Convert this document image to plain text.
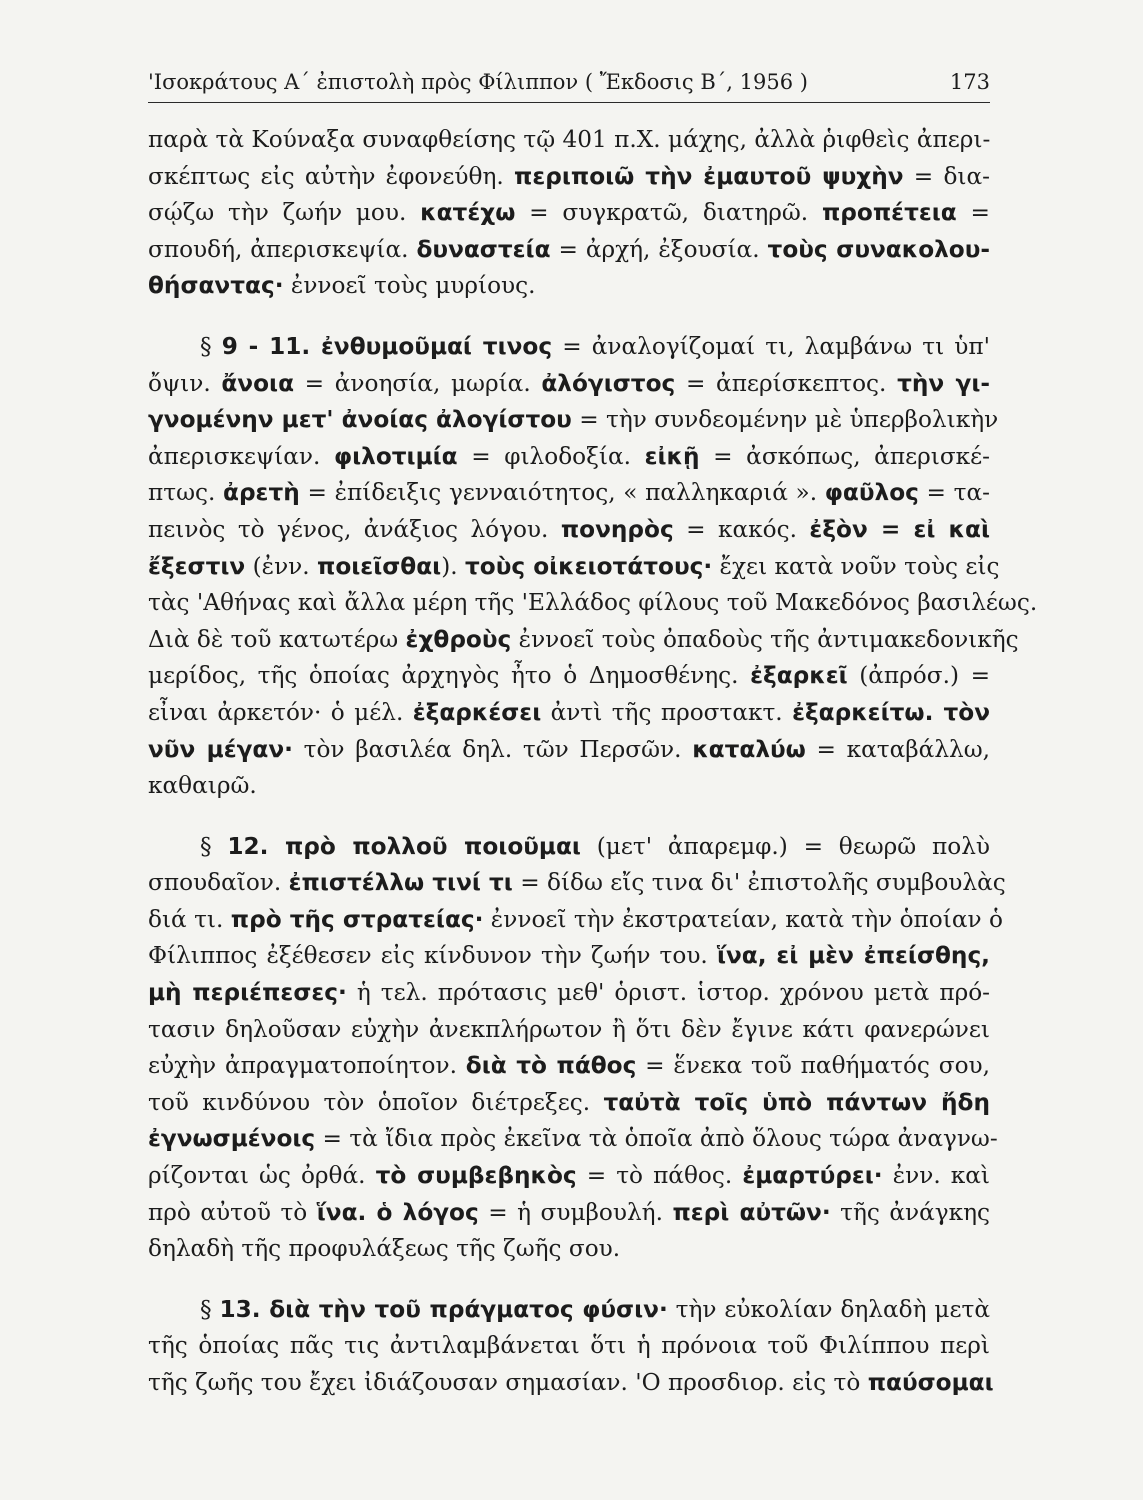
'Ισοκράτους Α΄ ἐπιστολὴ πρὸς Φίλιππον ( Ἔκδοσις Β΄, 1956 )	173
παρὰ τὰ Κούναξα συναφθείσης τῷ 401 π.Χ. μάχης, ἀλλὰ ῥιφθεὶς ἀπερι-
σκέπτως εἰς αὐτὴν ἐφονεύθη. περιποιῶ τὴν ἐμαυτοῦ ψυχὴν = δια-
σῴζω τὴν ζωήν μου. κατέχω = συγκρατῶ, διατηρῶ. προπέτεια =
σπουδή, ἀπερισκεψία. δυναστεία = ἀρχή, ἐξουσία. τοὺς συνακολου-
θήσαντας· ἐννοεῖ τοὺς μυρίους.
§ 9 - 11. ἐνθυμοῦμαί τινος = ἀναλογίζομαί τι, λαμβάνω τι ὑπ'
ὄψιν. ἄνοια = ἀνοησία, μωρία. ἀλόγιστος = ἀπερίσκεπτος. τὴν γι-
γνομένην μετ' ἀνοίας ἀλογίστου = τὴν συνδεομένην μὲ ὑπερβολικὴν
ἀπερισκεψίαν. φιλοτιμία = φιλοδοξία. εἰκῇ = ἀσκόπως, ἀπερισκέ-
πτως. ἀρετὴ = ἐπίδειξις γενναιότητος, « παλληκαριά ». φαῦλος = τα-
πεινὸς τὸ γένος, ἀνάξιος λόγου. πονηρὸς = κακός. ἐξὸν = εἰ καὶ
ἔξεστιν (ἐνν. ποιεῖσθαι). τοὺς οἰκειοτάτους· ἔχει κατὰ νοῦν τοὺς εἰς
τὰς 'Αθήνας καὶ ἄλλα μέρη τῆς 'Ελλάδος φίλους τοῦ Μακεδόνος βασιλέως.
Διὰ δὲ τοῦ κατωτέρω ἐχθροὺς ἐννοεῖ τοὺς ὀπαδοὺς τῆς ἀντιμακεδονικῆς
μερίδος, τῆς ὁποίας ἀρχηγὸς ἦτο ὁ Δημοσθένης. ἐξαρκεῖ (ἀπρόσ.) =
εἶναι ἀρκετόν· ὁ μέλ. ἐξαρκέσει ἀντὶ τῆς προστακτ. ἐξαρκείτω. τὸν
νῦν μέγαν· τὸν βασιλέα δηλ. τῶν Περσῶν. καταλύω = καταβάλλω,
καθαιρῶ.
§ 12. πρὸ πολλοῦ ποιοῦμαι (μετ' ἀπαρεμφ.) = θεωρῶ πολὺ
σπουδαῖον. ἐπιστέλλω τινί τι = δίδω εἴς τινα δι' ἐπιστολῆς συμβουλὰς
διά τι. πρὸ τῆς στρατείας· ἐννοεῖ τὴν ἐκστρατείαν, κατὰ τὴν ὁποίαν ὁ
Φίλιππος ἐξέθεσεν εἰς κίνδυνον τὴν ζωήν του. ἵνα, εἰ μὲν ἐπείσθης,
μὴ περιέπεσες· ἡ τελ. πρότασις μεθ' ὁριστ. ἱστορ. χρόνου μετὰ πρό-
τασιν δηλοῦσαν εὐχὴν ἀνεκπλήρωτον ἢ ὅτι δὲν ἔγινε κάτι φανερώνει
εὐχὴν ἀπραγματοποίητον. διὰ τὸ πάθος = ἕνεκα τοῦ παθήματός σου,
τοῦ κινδύνου τὸν ὁποῖον διέτρεξες. ταὐτὰ τοῖς ὑπὸ πάντων ἤδη
ἐγνωσμένοις = τὰ ἴδια πρὸς ἐκεῖνα τὰ ὁποῖα ἀπὸ ὅλους τώρα ἀναγνω-
ρίζονται ὡς ὀρθά. τὸ συμβεβηκὸς = τὸ πάθος. ἐμαρτύρει· ἐνν. καὶ
πρὸ αὐτοῦ τὸ ἵνα. ὁ λόγος = ἡ συμβουλή. περὶ αὐτῶν· τῆς ἀνάγκης
δηλαδὴ τῆς προφυλάξεως τῆς ζωῆς σου.
§ 13. διὰ τὴν τοῦ πράγματος φύσιν· τὴν εὐκολίαν δηλαδὴ μετὰ
τῆς ὁποίας πᾶς τις ἀντιλαμβάνεται ὅτι ἡ πρόνοια τοῦ Φιλίππου περὶ
τῆς ζωῆς του ἔχει ἰδιάζουσαν σημασίαν. 'Ο προσδιορ. εἰς τὸ παύσομαι
